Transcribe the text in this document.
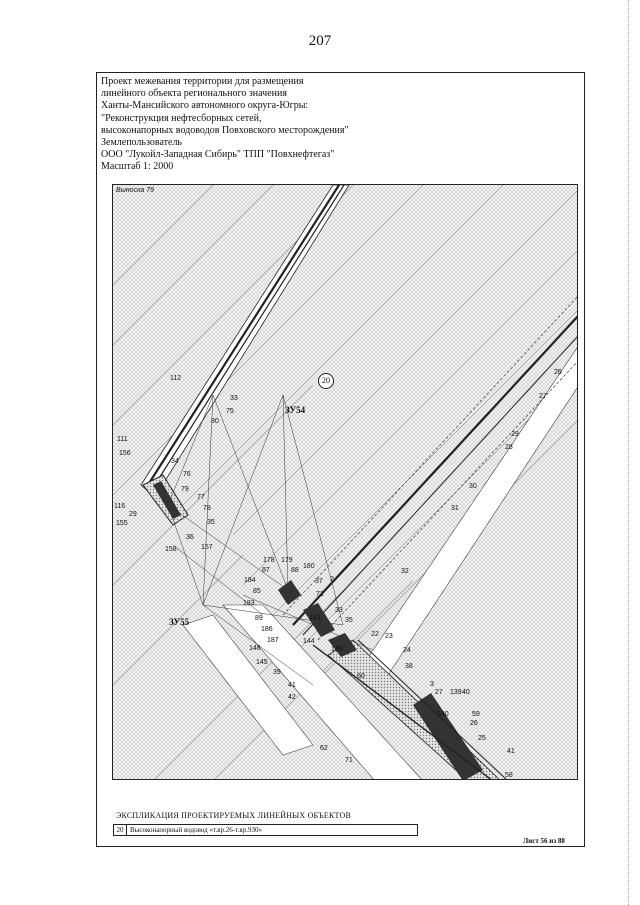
207
Проект межевания территории для размещения
линейного объекта регионального значения
Ханты-Мансийского автономного округа-Югры:
"Реконструкция нефтесборных сетей,
высоконапорных водоводов Повховского месторождения"
Землепользователь
ООО "Лукойл-Западная Сибирь" ТПП "Повхнефтегаз"
Масштаб 1: 2000
Выноска 79
20
ЗУ54
ЗУ55
112
33
75
80
111
156
34
76
79
77
78
35
116
29
155
36
157
158
178 179
87	88
180
184	37 2
85	71
183
89
186
187
148
145
39
41
42
33
35
22 23
24
38
60
3
27 139 40
59
26
25
41
58
71
32
31
30
28
29
27
26
143
144
146
140
62
ЭКСПЛИКАЦИЯ ПРОЕКТИРУЕМЫХ ЛИНЕЙНЫХ ОБЪЕКТОВ
20 Высоконапорный водовод «т.вр.26-т.вр.930»
Лист 56 из 88
